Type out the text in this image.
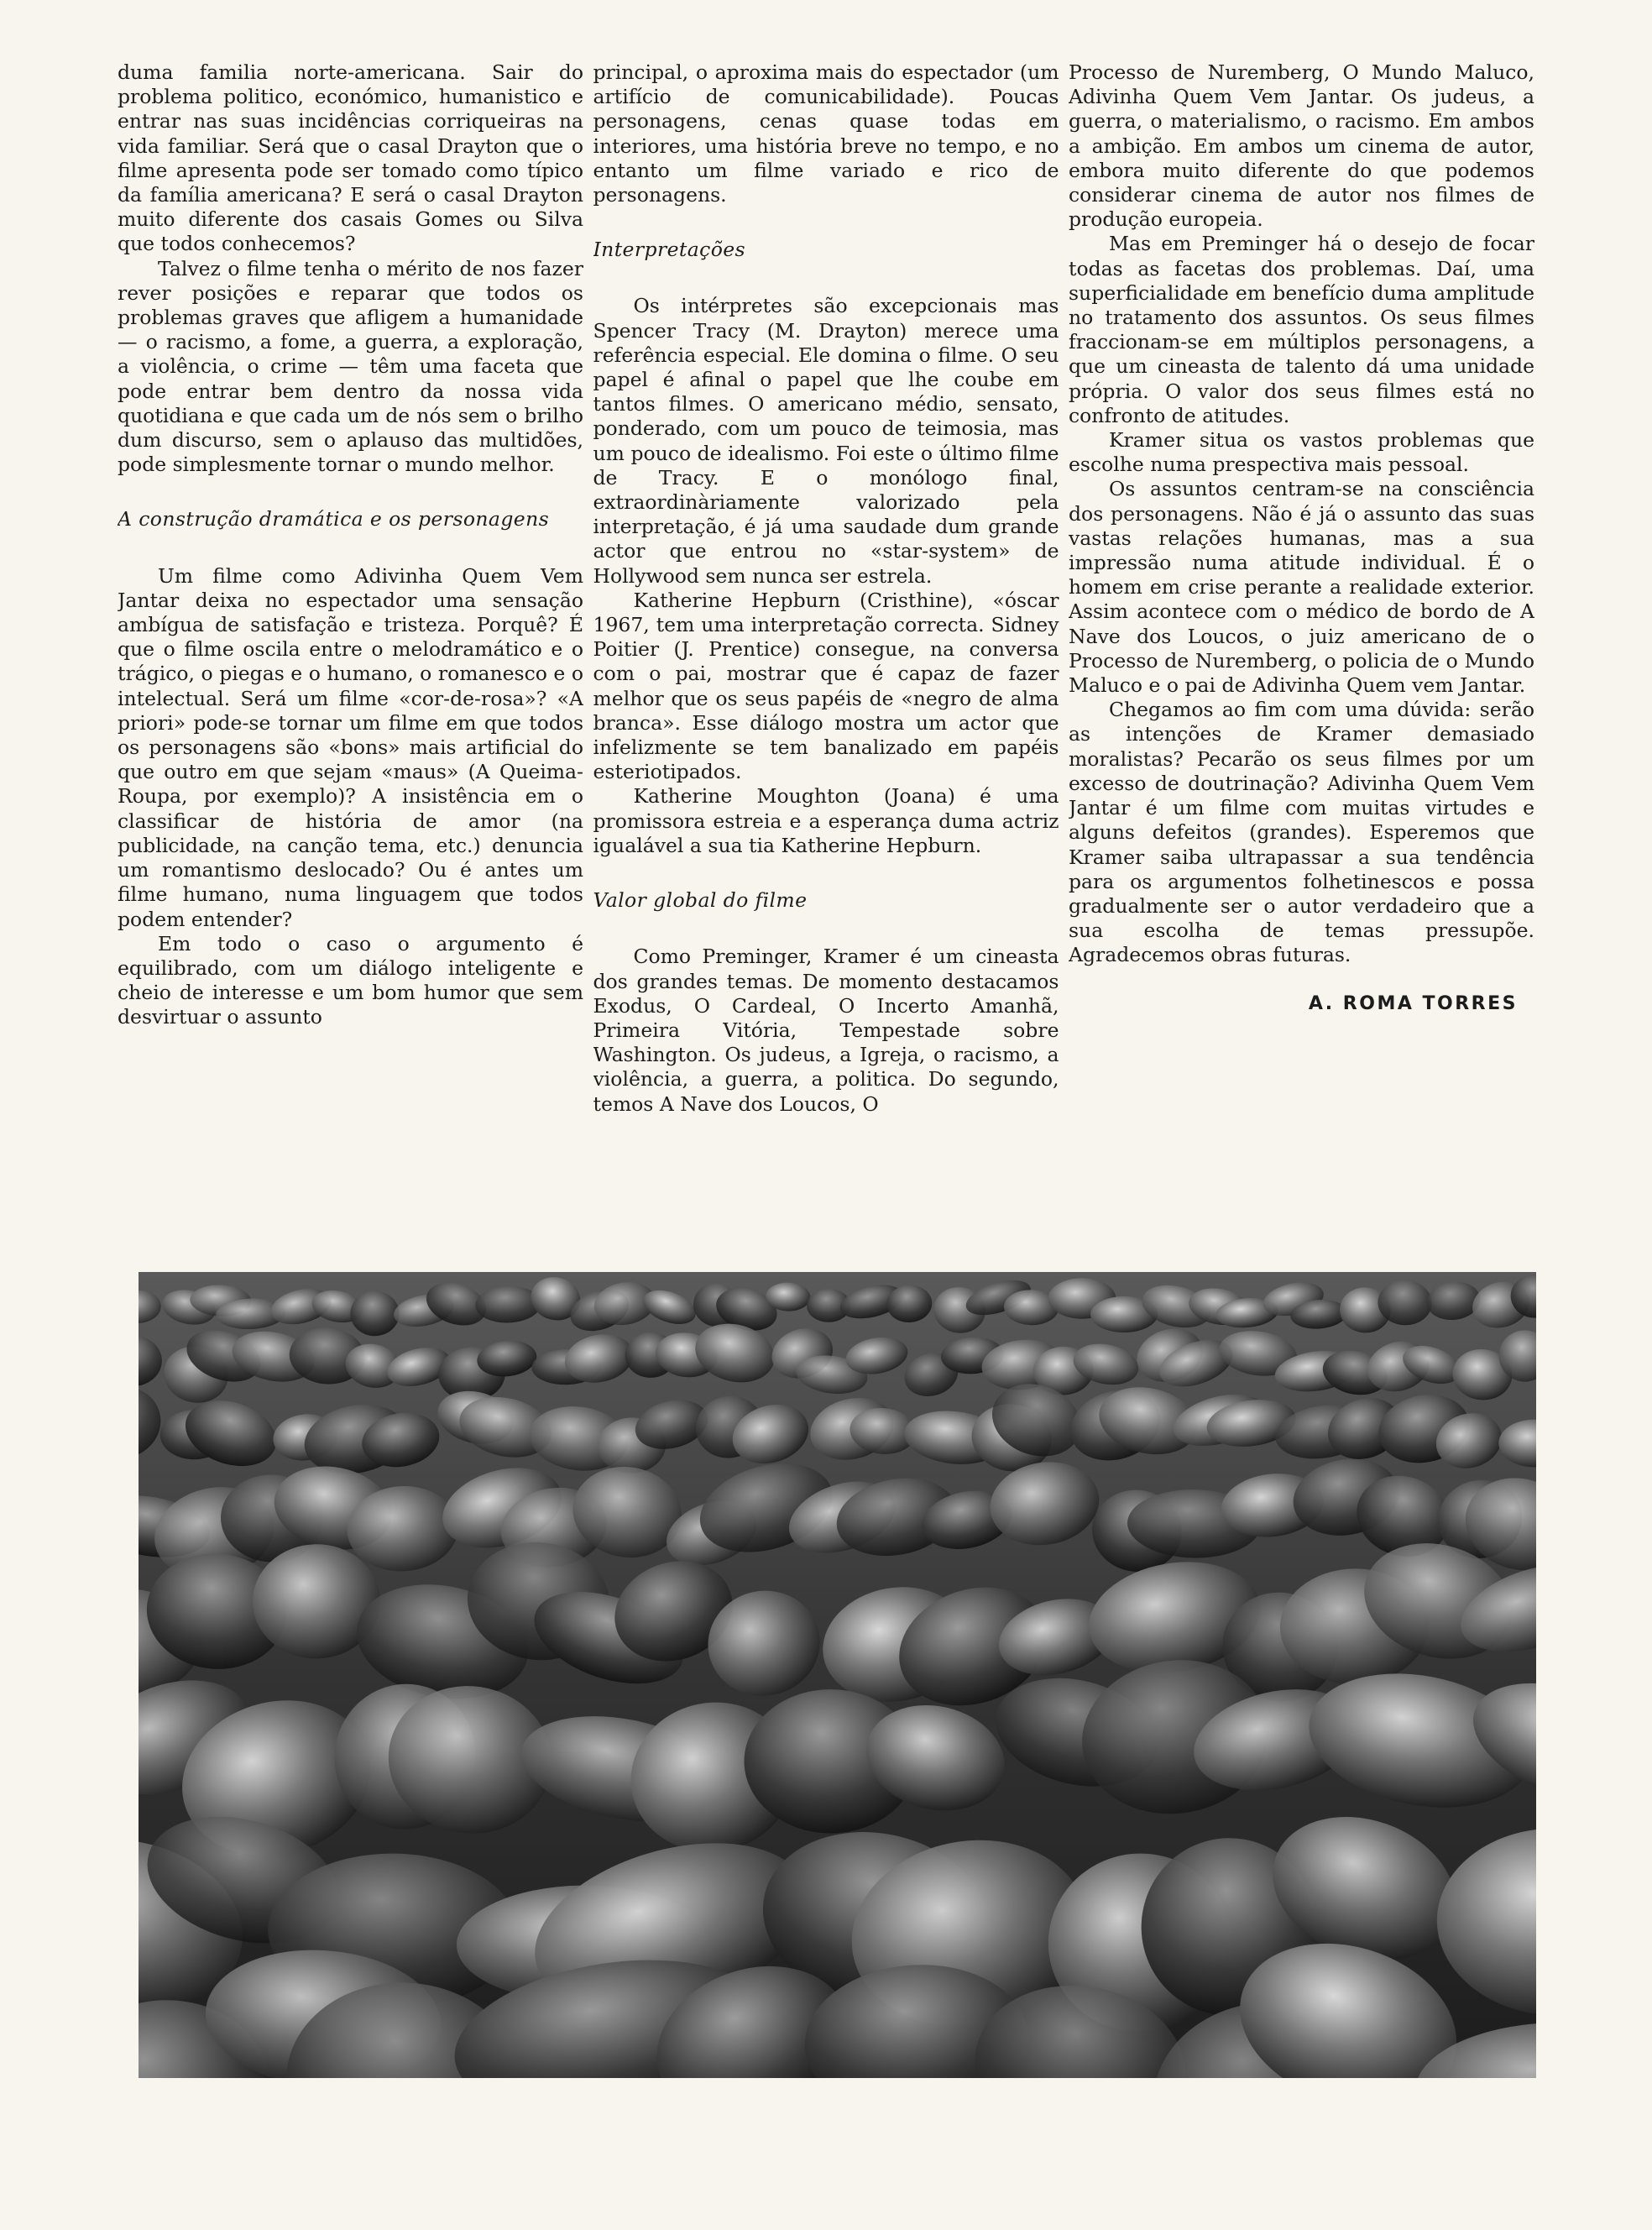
duma familia norte-americana. Sair do problema politico, económico, humanistico e entrar nas suas incidências corriqueiras na vida familiar. Será que o casal Drayton que o filme apresenta pode ser tomado como típico da família americana? E será o casal Drayton muito diferente dos casais Gomes ou Silva que todos conhecemos?

Talvez o filme tenha o mérito de nos fazer rever posições e reparar que todos os problemas graves que afligem a humanidade — o racismo, a fome, a guerra, a exploração, a violência, o crime — têm uma faceta que pode entrar bem dentro da nossa vida quotidiana e que cada um de nós sem o brilho dum discurso, sem o aplauso das multidões, pode simplesmente tornar o mundo melhor.

A construção dramática e os personagens

Um filme como Adivinha Quem Vem Jantar deixa no espectador uma sensação ambígua de satisfação e tristeza. Porquê? É que o filme oscila entre o melodramático e o trágico, o piegas e o humano, o romanesco e o intelectual. Será um filme «cor-de-rosa»? «A priori» pode-se tornar um filme em que todos os personagens são «bons» mais artificial do que outro em que sejam «maus» (A Queima-Roupa, por exemplo)? A insistência em o classificar de história de amor (na publicidade, na canção tema, etc.) denuncia um romantismo deslocado? Ou é antes um filme humano, numa linguagem que todos podem entender?

Em todo o caso o argumento é equilibrado, com um diálogo inteligente e cheio de interesse e um bom humor que sem desvirtuar o assunto

principal, o aproxima mais do espectador (um artifício de comunicabilidade). Poucas personagens, cenas quase todas em interiores, uma história breve no tempo, e no entanto um filme variado e rico de personagens.

Interpretações

Os intérpretes são excepcionais mas Spencer Tracy (M. Drayton) merece uma referência especial. Ele domina o filme. O seu papel é afinal o papel que lhe coube em tantos filmes. O americano médio, sensato, ponderado, com um pouco de teimosia, mas um pouco de idealismo. Foi este o último filme de Tracy. E o monólogo final, extraordinàriamente valorizado pela interpretação, é já uma saudade dum grande actor que entrou no «star-system» de Hollywood sem nunca ser estrela.

Katherine Hepburn (Cristhine), «óscar 1967, tem uma interpretação correcta. Sidney Poitier (J. Prentice) consegue, na conversa com o pai, mostrar que é capaz de fazer melhor que os seus papéis de «negro de alma branca». Esse diálogo mostra um actor que infelizmente se tem banalizado em papéis esteriotipados.

Katherine Moughton (Joana) é uma promissora estreia e a esperança duma actriz igualável a sua tia Katherine Hepburn.

Valor global do filme

Como Preminger, Kramer é um cineasta dos grandes temas. De momento destacamos Exodus, O Cardeal, O Incerto Amanhã, Primeira Vitória, Tempestade sobre Washington. Os judeus, a Igreja, o racismo, a violência, a guerra, a politica. Do segundo, temos A Nave dos Loucos, O

Processo de Nuremberg, O Mundo Maluco, Adivinha Quem Vem Jantar. Os judeus, a guerra, o materialismo, o racismo. Em ambos a ambição. Em ambos um cinema de autor, embora muito diferente do que podemos considerar cinema de autor nos filmes de produção europeia.

Mas em Preminger há o desejo de focar todas as facetas dos problemas. Daí, uma superficialidade em benefício duma amplitude no tratamento dos assuntos. Os seus filmes fraccionam-se em múltiplos personagens, a que um cineasta de talento dá uma unidade própria. O valor dos seus filmes está no confronto de atitudes.

Kramer situa os vastos problemas que escolhe numa prespectiva mais pessoal.

Os assuntos centram-se na consciência dos personagens. Não é já o assunto das suas vastas relações humanas, mas a sua impressão numa atitude individual. É o homem em crise perante a realidade exterior. Assim acontece com o médico de bordo de A Nave dos Loucos, o juiz americano de o Processo de Nuremberg, o policia de o Mundo Maluco e o pai de Adivinha Quem vem Jantar.

Chegamos ao fim com uma dúvida: serão as intenções de Kramer demasiado moralistas? Pecarão os seus filmes por um excesso de doutrinação? Adivinha Quem Vem Jantar é um filme com muitas virtudes e alguns defeitos (grandes). Esperemos que Kramer saiba ultrapassar a sua tendência para os argumentos folhetinescos e possa gradualmente ser o autor verdadeiro que a sua escolha de temas pressupõe. Agradecemos obras futuras.

A. ROMA TORRES
